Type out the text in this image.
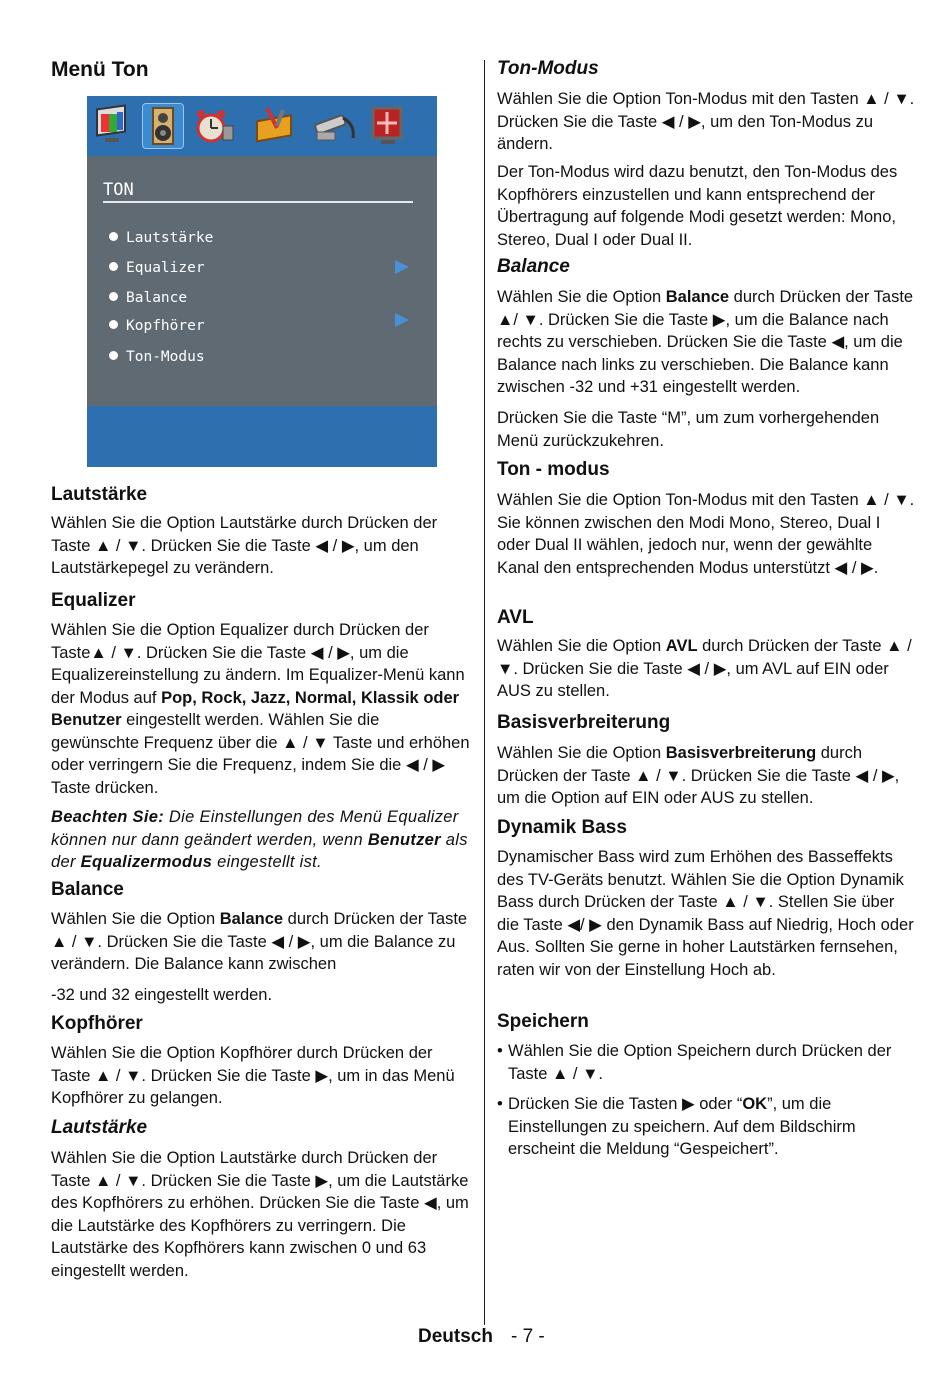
Menü Ton
TON
Lautstärke
Equalizer
Balance
Kopfhörer
Ton-Modus
Lautstärke

Wählen Sie die Option Lautstärke durch Drücken der Taste ▲ / ▼. Drücken Sie die Taste ◀ / ▶, um den Lautstärkepegel zu verändern.

Equalizer

Wählen Sie die Option Equalizer durch Drücken der Taste▲ / ▼. Drücken Sie die Taste ◀ / ▶, um die Equalizereinstellung zu ändern. Im Equalizer-Menü kann der Modus auf Pop, Rock, Jazz, Normal, Klassik oder Benutzer eingestellt werden. Wählen Sie die gewünschte Frequenz über die ▲ / ▼ Taste und erhöhen oder verringern Sie die Frequenz, indem Sie die ◀ / ▶ Taste drücken.

Beachten Sie: Die Einstellungen des Menü Equalizer können nur dann geändert werden, wenn Benutzer als der Equalizermodus eingestellt ist.

Balance

Wählen Sie die Option Balance durch Drücken der Taste ▲ / ▼. Drücken Sie die Taste ◀ / ▶, um die Balance zu verändern. Die Balance kann zwischen

-32 und 32 eingestellt werden.

Kopfhörer

Wählen Sie die Option Kopfhörer durch Drücken der Taste ▲ / ▼. Drücken Sie die Taste ▶, um in das Menü Kopfhörer zu gelangen.

Lautstärke

Wählen Sie die Option Lautstärke durch Drücken der Taste ▲ / ▼. Drücken Sie die Taste ▶, um die Lautstärke des Kopfhörers zu erhöhen. Drücken Sie die Taste ◀, um die Lautstärke des Kopfhörers zu verringern. Die Lautstärke des Kopfhörers kann zwischen 0 und 63 eingestellt werden.

Ton-Modus

Wählen Sie die Option Ton-Modus mit den Tasten ▲ / ▼. Drücken Sie die Taste ◀ / ▶, um den Ton-Modus zu ändern.

Der Ton-Modus wird dazu benutzt, den Ton-Modus des Kopfhörers einzustellen und kann entsprechend der Übertragung auf folgende Modi gesetzt werden: Mono, Stereo, Dual I oder Dual II.

Balance

Wählen Sie die Option Balance durch Drücken der Taste ▲/ ▼. Drücken Sie die Taste ▶, um die Balance nach rechts zu verschieben. Drücken Sie die Taste ◀, um die Balance nach links zu verschieben. Die Balance kann zwischen -32 und +31 eingestellt werden.

Drücken Sie die Taste “M”, um zum vorhergehenden Menü zurückzukehren.

Ton - modus

Wählen Sie die Option Ton-Modus mit den Tasten ▲ / ▼. Sie können zwischen den Modi Mono, Stereo, Dual I oder Dual II wählen, jedoch nur, wenn der gewählte Kanal den entsprechenden Modus unterstützt ◀ / ▶.

AVL

Wählen Sie die Option AVL durch Drücken der Taste ▲ / ▼. Drücken Sie die Taste ◀ / ▶, um AVL auf EIN oder AUS zu stellen.

Basisverbreiterung

Wählen Sie die Option Basisverbreiterung durch Drücken der Taste ▲ / ▼. Drücken Sie die Taste ◀ / ▶, um die Option auf EIN oder AUS zu stellen.

Dynamik Bass

Dynamischer Bass wird zum Erhöhen des Basseffekts des TV-Geräts benutzt. Wählen Sie die Option Dynamik Bass durch Drücken der Taste ▲ / ▼. Stellen Sie über die Taste ◀/ ▶ den Dynamik Bass auf Niedrig, Hoch oder Aus. Sollten Sie gerne in hoher Lautstärken fernsehen, raten wir von der Einstellung Hoch ab.

Speichern
• Wählen Sie die Option Speichern durch Drücken der Taste ▲ / ▼.
• Drücken Sie die Tasten ▶ oder “OK”, um die Einstellungen zu speichern. Auf dem Bildschirm erscheint die Meldung “Gespeichert”.
Deutsch - 7 -
